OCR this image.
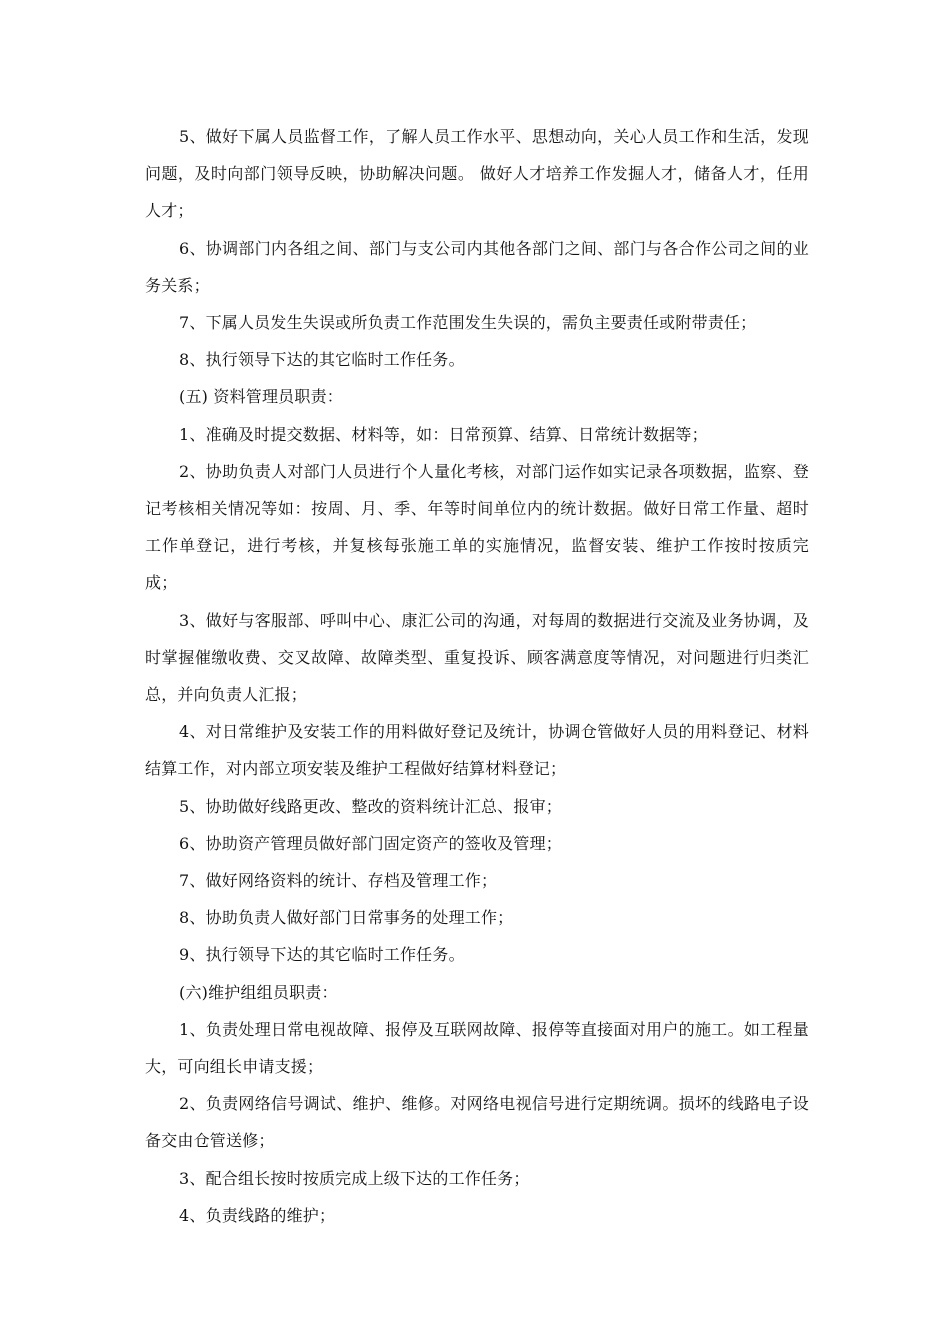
5、做好下属人员监督工作，了解人员工作水平、思想动向，关心人员工作和生活，发现问题，及时向部门领导反映，协助解决问题。 做好人才培养工作发掘人才，储备人才，任用人才；

6、协调部门内各组之间、部门与支公司内其他各部门之间、部门与各合作公司之间的业务关系；

7、下属人员发生失误或所负责工作范围发生失误的，需负主要责任或附带责任；

8、执行领导下达的其它临时工作任务。

(五) 资料管理员职责：

1、准确及时提交数据、材料等，如：日常预算、结算、日常统计数据等；

2、协助负责人对部门人员进行个人量化考核，对部门运作如实记录各项数据，监察、登记考核相关情况等如：按周、月、季、年等时间单位内的统计数据。做好日常工作量、超时工作单登记，进行考核，并复核每张施工单的实施情况，监督安装、维护工作按时按质完成；

3、做好与客服部、呼叫中心、康汇公司的沟通，对每周的数据进行交流及业务协调，及时掌握催缴收费、交叉故障、故障类型、重复投诉、顾客满意度等情况，对问题进行归类汇总，并向负责人汇报；

4、对日常维护及安装工作的用料做好登记及统计，协调仓管做好人员的用料登记、材料结算工作，对内部立项安装及维护工程做好结算材料登记；

5、协助做好线路更改、整改的资料统计汇总、报审；

6、协助资产管理员做好部门固定资产的签收及管理；

7、做好网络资料的统计、存档及管理工作；

8、协助负责人做好部门日常事务的处理工作；

9、执行领导下达的其它临时工作任务。

(六)维护组组员职责：

1、负责处理日常电视故障、报停及互联网故障、报停等直接面对用户的施工。如工程量大，可向组长申请支援；

2、负责网络信号调试、维护、维修。对网络电视信号进行定期统调。损坏的线路电子设备交由仓管送修；

3、配合组长按时按质完成上级下达的工作任务；

4、负责线路的维护；
